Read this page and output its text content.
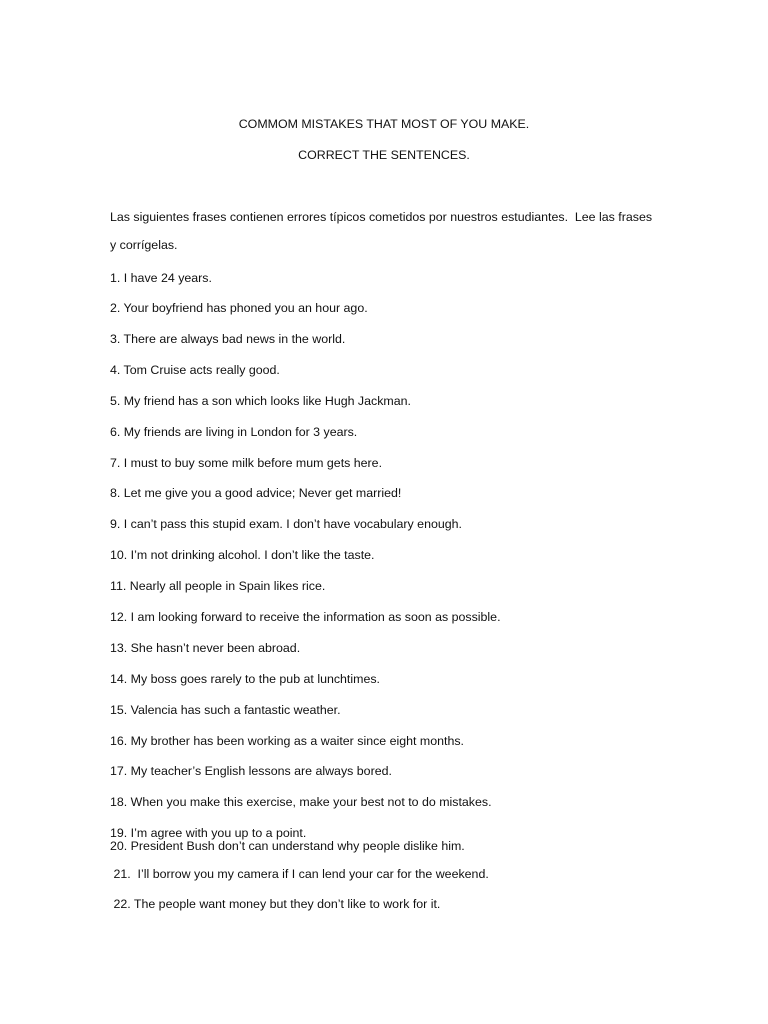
COMMOM MISTAKES THAT MOST OF YOU MAKE.

CORRECT THE SENTENCES.

Las siguientes frases contienen errores típicos cometidos por nuestros estudiantes.  Lee las frases

y corrígelas.

1. I have 24 years.

2. Your boyfriend has phoned you an hour ago.

3. There are always bad news in the world.

4. Tom Cruise acts really good.

5. My friend has a son which looks like Hugh Jackman.

6. My friends are living in London for 3 years.

7. I must to buy some milk before mum gets here.

8. Let me give you a good advice; Never get married!

9. I can’t pass this stupid exam. I don’t have vocabulary enough.

10. I’m not drinking alcohol. I don’t like the taste.

11. Nearly all people in Spain likes rice.

12. I am looking forward to receive the information as soon as possible.

13. She hasn’t never been abroad.

14. My boss goes rarely to the pub at lunchtimes.

15. Valencia has such a fantastic weather.

16. My brother has been working as a waiter since eight months.

17. My teacher’s English lessons are always bored.

18. When you make this exercise, make your best not to do mistakes.

19. I’m agree with you up to a point.

20. President Bush don’t can understand why people dislike him.

21.  I’ll borrow you my camera if I can lend your car for the weekend.

22. The people want money but they don’t like to work for it.
